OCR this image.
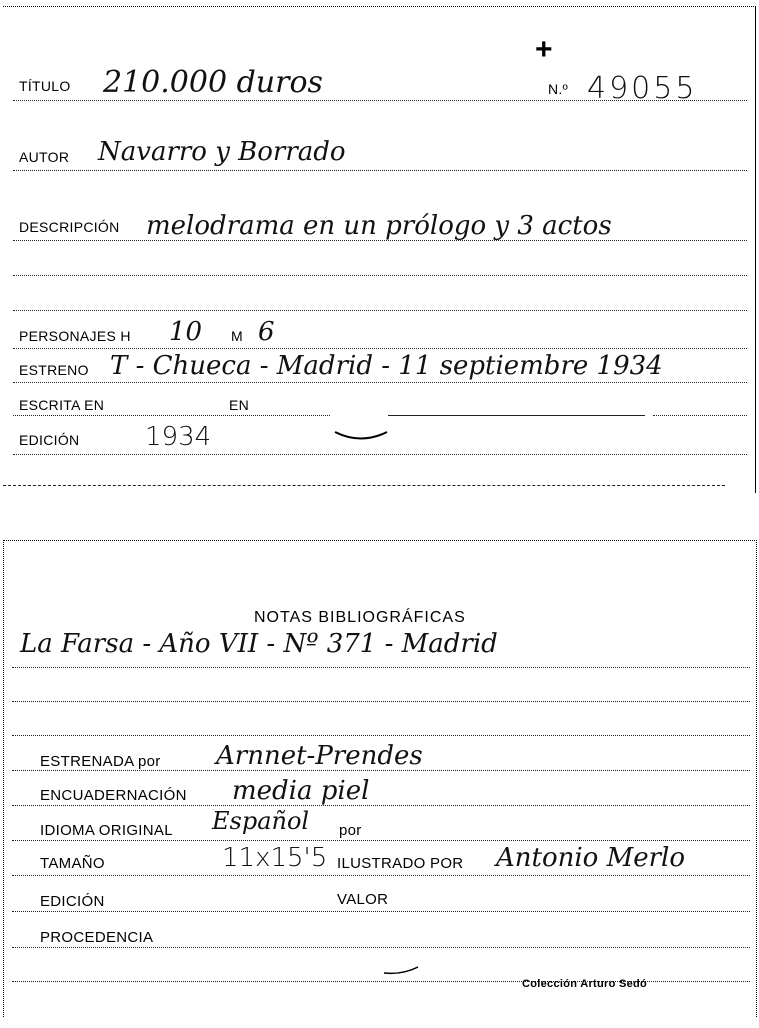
+
TÍTULO 210.000 duros	N.º 49055
AUTOR Navarro y Borrado
DESCRIPCIÓN melodrama en un prólogo y 3 actos
PERSONAJES H 10 M 6
ESTRENO T - Chueca - Madrid - 11 septiembre 1934
ESCRITA EN	EN
EDICIÓN	1934
NOTAS BIBLIOGRÁFICAS
La Farsa - Año VII - Nº 371 - Madrid
ESTRENADA por Arnnet-Prendes
ENCUADERNACIÓN media piel
IDIOMA ORIGINAL Español por
TAMAÑO	11x15'5 ILUSTRADO POR Antonio Merlo
EDICIÓN	VALOR
PROCEDENCIA
Colección Arturo Sedó
